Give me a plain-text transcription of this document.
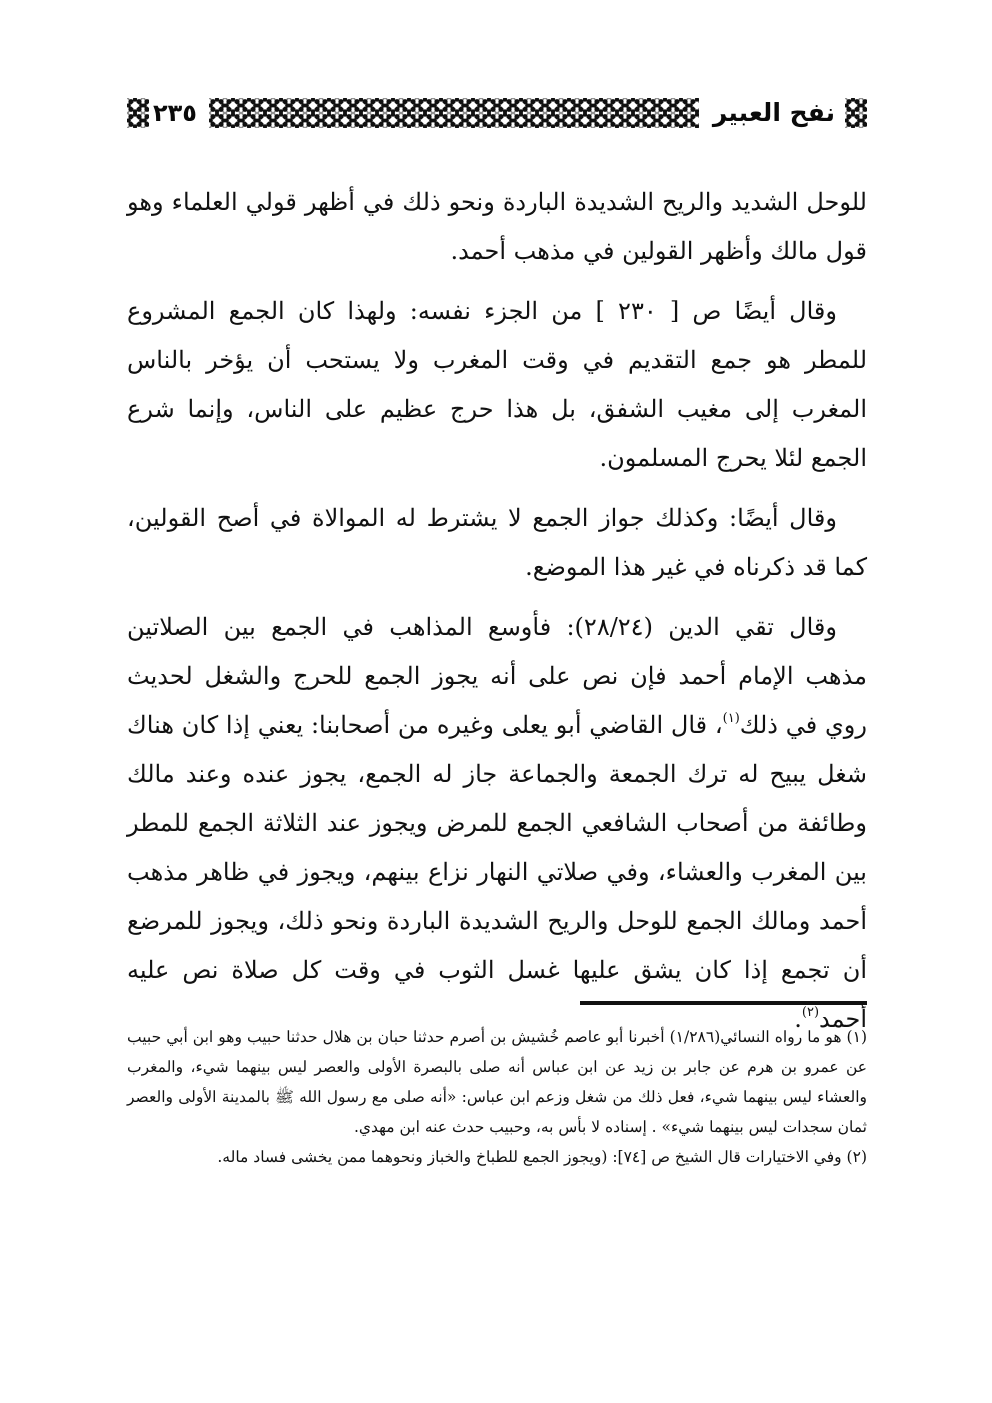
نفح العبير
٢٣٥

للوحل الشديد والريح الشديدة الباردة ونحو ذلك في أظهر قولي العلماء وهو قول مالك وأظهر القولين في مذهب أحمد.

وقال أيضًا ص [ ٢٣٠ ] من الجزء نفسه: ولهذا كان الجمع المشروع للمطر هو جمع التقديم في وقت المغرب ولا يستحب أن يؤخر بالناس المغرب إلى مغيب الشفق، بل هذا حرج عظيم على الناس، وإنما شرع الجمع لئلا يحرج المسلمون.

وقال أيضًا: وكذلك جواز الجمع لا يشترط له الموالاة في أصح القولين، كما قد ذكرناه في غير هذا الموضع.

وقال تقي الدين (٢٨/٢٤): فأوسع المذاهب في الجمع بين الصلاتين مذهب الإمام أحمد فإن نص على أنه يجوز الجمع للحرج والشغل لحديث روي في ذلك$^{(١)}$، قال القاضي أبو يعلى وغيره من أصحابنا: يعني إذا كان هناك شغل يبيح له ترك الجمعة والجماعة جاز له الجمع، يجوز عنده وعند مالك وطائفة من أصحاب الشافعي الجمع للمرض ويجوز عند الثلاثة الجمع للمطر بين المغرب والعشاء، وفي صلاتي النهار نزاع بينهم، ويجوز في ظاهر مذهب أحمد ومالك الجمع للوحل والريح الشديدة الباردة ونحو ذلك، ويجوز للمرضع أن تجمع إذا كان يشق عليها غسل الثوب في وقت كل صلاة نص عليه أحمد$^{(٢)}$.

(١) هو ما رواه النسائي(١/٢٨٦) أخبرنا أبو عاصم خُشيش بن أصرم حدثنا حبان بن هلال حدثنا حبيب وهو ابن أبي حبيب عن عمرو بن هرم عن جابر بن زيد عن ابن عباس أنه صلى بالبصرة الأولى والعصر ليس بينهما شيء، والمغرب والعشاء ليس بينهما شيء، فعل ذلك من شغل وزعم ابن عباس: «أنه صلى مع رسول الله ﷺ بالمدينة الأولى والعصر ثمان سجدات ليس بينهما شيء» . إسناده لا بأس به، وحبيب حدث عنه ابن مهدي.

(٢) وفي الاختيارات قال الشيخ ص [٧٤]: (ويجوز الجمع للطباخ والخباز ونحوهما ممن يخشى فساد ماله.
